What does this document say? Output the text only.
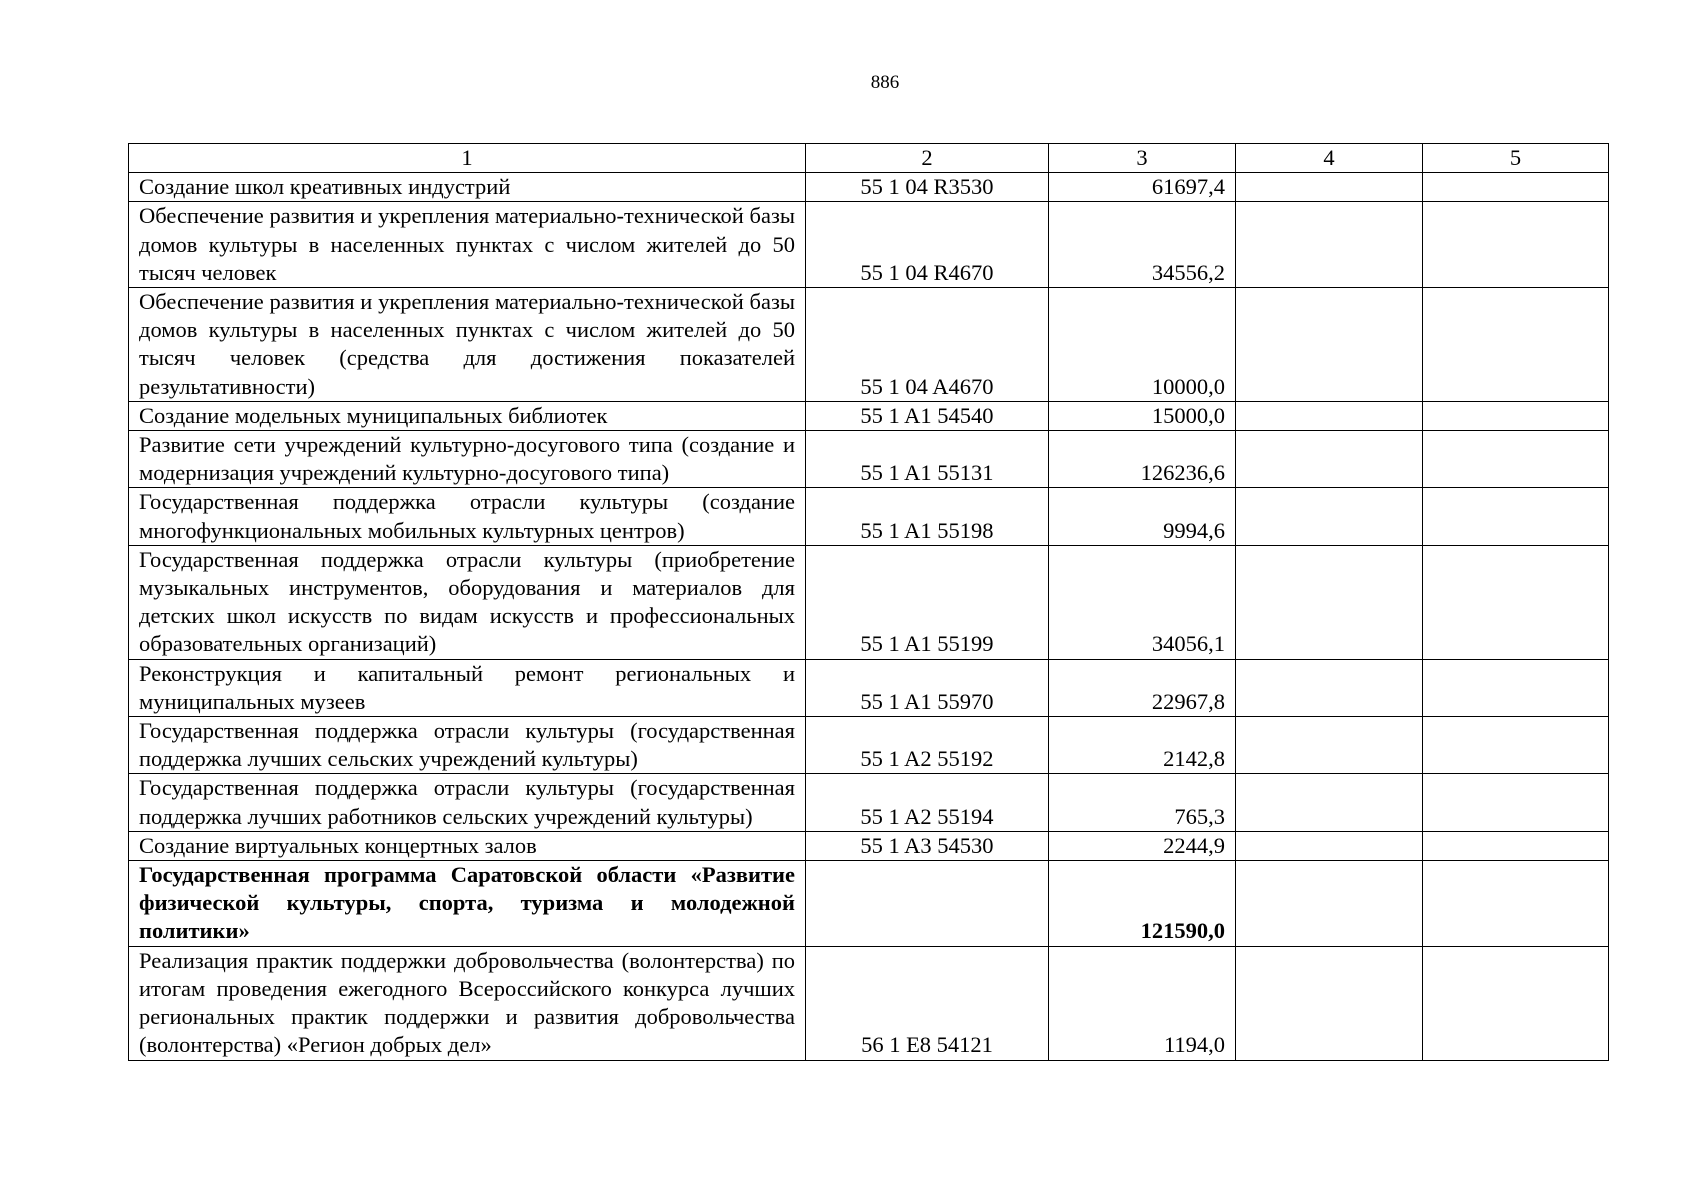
886
1	2	3	4	5
Создание школ креативных индустрий	55 1 04 R3530	61697,4		
Обеспечение развития и укрепления материально-технической базы домов культуры в населенных пунктах с числом жителей до 50 тысяч человек	55 1 04 R4670	34556,2		
Обеспечение развития и укрепления материально-технической базы домов культуры в населенных пунктах с числом жителей до 50 тысяч человек (средства для достижения показателей результативности)	55 1 04 A4670	10000,0		
Создание модельных муниципальных библиотек	55 1 A1 54540	15000,0		
Развитие сети учреждений культурно-досугового типа (создание и модернизация учреждений культурно-досугового типа)	55 1 A1 55131	126236,6		
Государственная поддержка отрасли культуры (создание многофункциональных мобильных культурных центров)	55 1 A1 55198	9994,6		
Государственная поддержка отрасли культуры (приобретение музыкальных инструментов, оборудования и материалов для детских школ искусств по видам искусств и профессиональных образовательных организаций)	55 1 A1 55199	34056,1		
Реконструкция и капитальный ремонт региональных и муниципальных музеев	55 1 A1 55970	22967,8		
Государственная поддержка отрасли культуры (государственная поддержка лучших сельских учреждений культуры)	55 1 A2 55192	2142,8		
Государственная поддержка отрасли культуры (государственная поддержка лучших работников сельских учреждений культуры)	55 1 A2 55194	765,3		
Создание виртуальных концертных залов	55 1 A3 54530	2244,9		
Государственная программа Саратовской области «Развитие физической культуры, спорта, туризма и молодежной политики»		121590,0		
Реализация практик поддержки добровольчества (волонтерства) по итогам проведения ежегодного Всероссийского конкурса лучших региональных практик поддержки и развития добровольчества (волонтерства) «Регион добрых дел»	56 1 E8 54121	1194,0		
